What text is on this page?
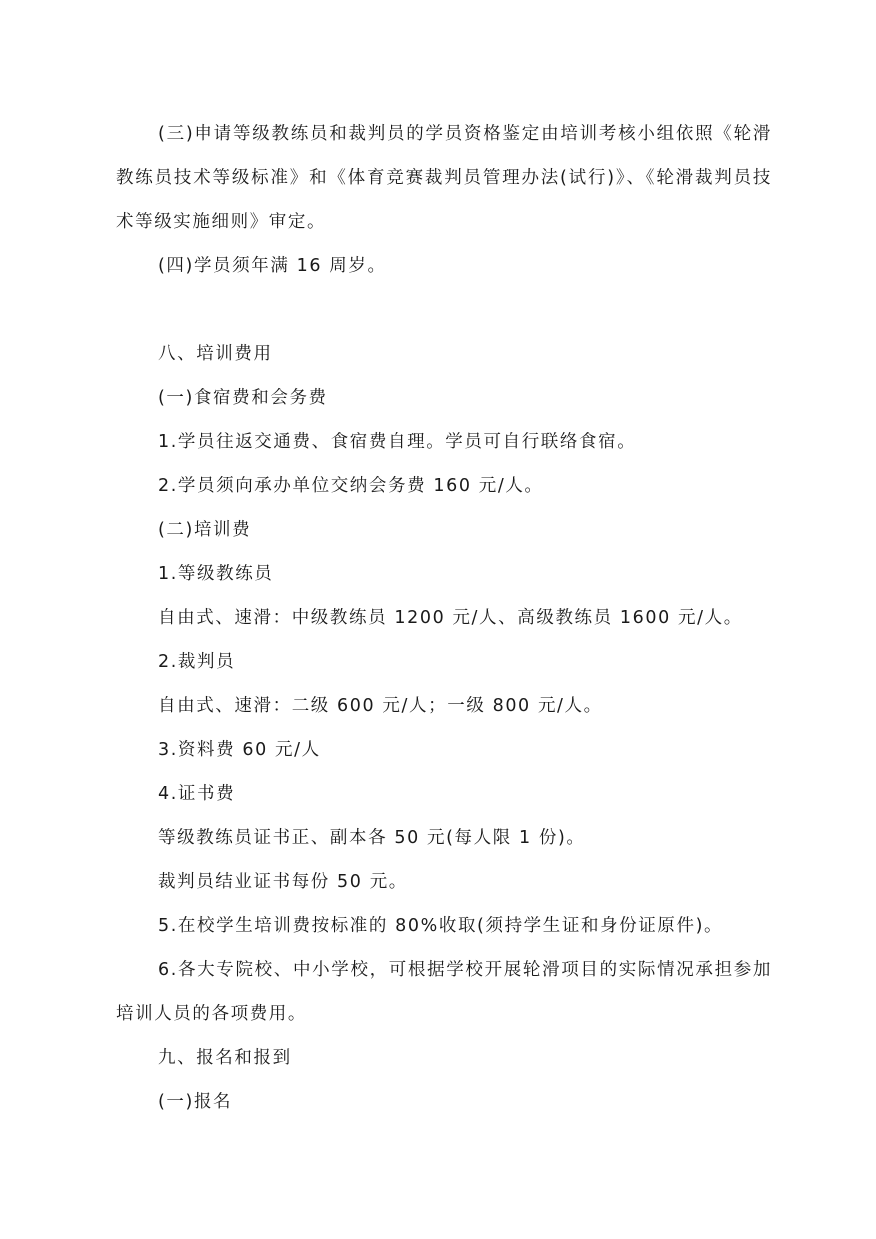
(三)申请等级教练员和裁判员的学员资格鉴定由培训考核小组依照《轮滑教练员技术等级标准》和《体育竞赛裁判员管理办法(试行)》、《轮滑裁判员技术等级实施细则》审定。
(四)学员须年满 16 周岁。
八、培训费用
(一)食宿费和会务费
1.学员往返交通费、食宿费自理。学员可自行联络食宿。
2.学员须向承办单位交纳会务费 160 元/人。
(二)培训费
1.等级教练员
自由式、速滑：中级教练员 1200 元/人、高级教练员 1600 元/人。
2.裁判员
自由式、速滑：二级 600 元/人；一级 800 元/人。
3.资料费 60 元/人
4.证书费
等级教练员证书正、副本各 50 元(每人限 1 份)。
裁判员结业证书每份 50 元。
5.在校学生培训费按标准的 80%收取(须持学生证和身份证原件)。
6.各大专院校、中小学校，可根据学校开展轮滑项目的实际情况承担参加培训人员的各项费用。
九、报名和报到
(一)报名
